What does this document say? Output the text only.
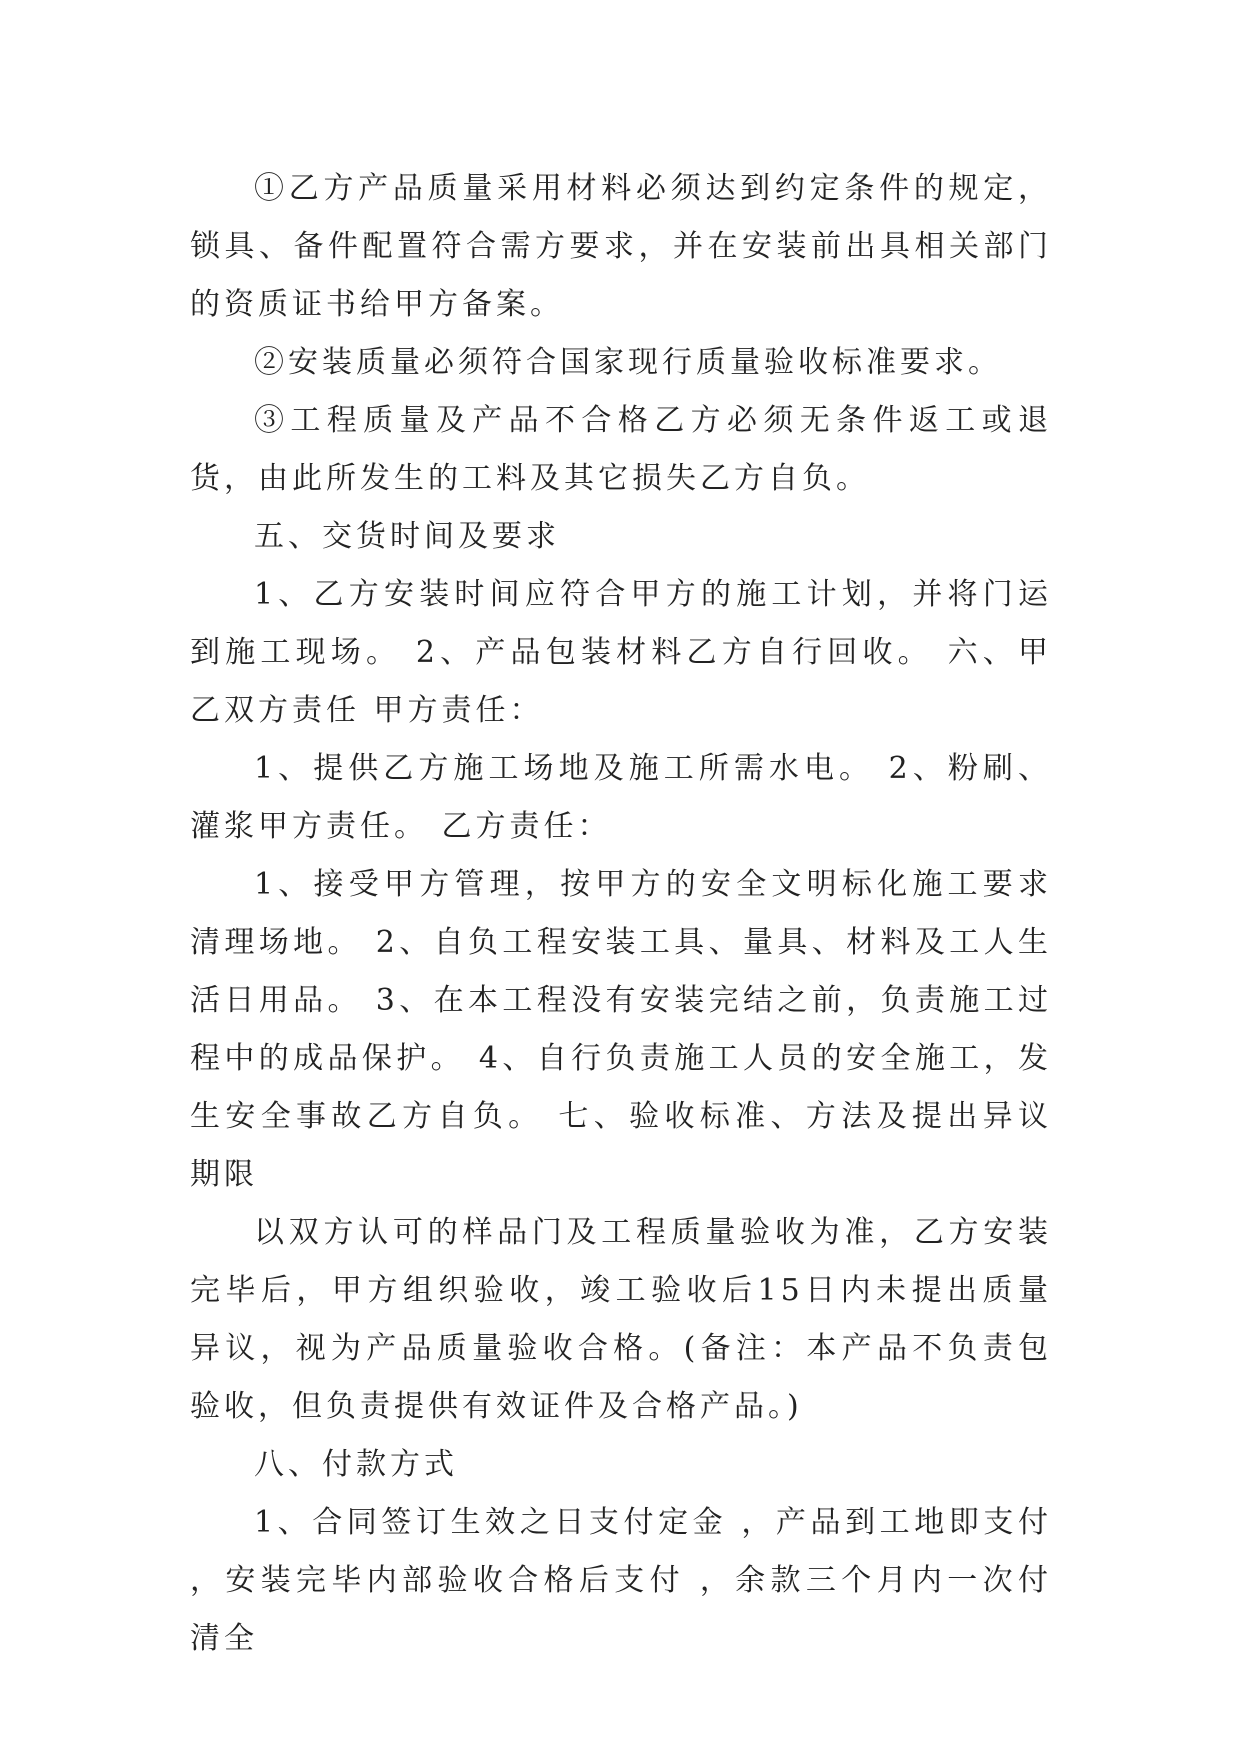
①乙方产品质量采用材料必须达到约定条件的规定，锁具、备件配置符合需方要求，并在安装前出具相关部门的资质证书给甲方备案。

②安装质量必须符合国家现行质量验收标准要求。

③工程质量及产品不合格乙方必须无条件返工或退货，由此所发生的工料及其它损失乙方自负。

五、交货时间及要求

1、乙方安装时间应符合甲方的施工计划，并将门运到施工现场。 2、产品包装材料乙方自行回收。 六、甲乙双方责任 甲方责任：

1、提供乙方施工场地及施工所需水电。 2、粉刷、灌浆甲方责任。 乙方责任：

1、接受甲方管理，按甲方的安全文明标化施工要求清理场地。 2、自负工程安装工具、量具、材料及工人生活日用品。 3、在本工程没有安装完结之前，负责施工过程中的成品保护。 4、自行负责施工人员的安全施工，发生安全事故乙方自负。 七、验收标准、方法及提出异议期限

以双方认可的样品门及工程质量验收为准，乙方安装完毕后，甲方组织验收，竣工验收后15日内未提出质量异议，视为产品质量验收合格。(备注：本产品不负责包验收，但负责提供有效证件及合格产品。)

八、付款方式

1、合同签订生效之日支付定金 ，产品到工地即支付 ，安装完毕内部验收合格后支付 ，余款三个月内一次付清全
